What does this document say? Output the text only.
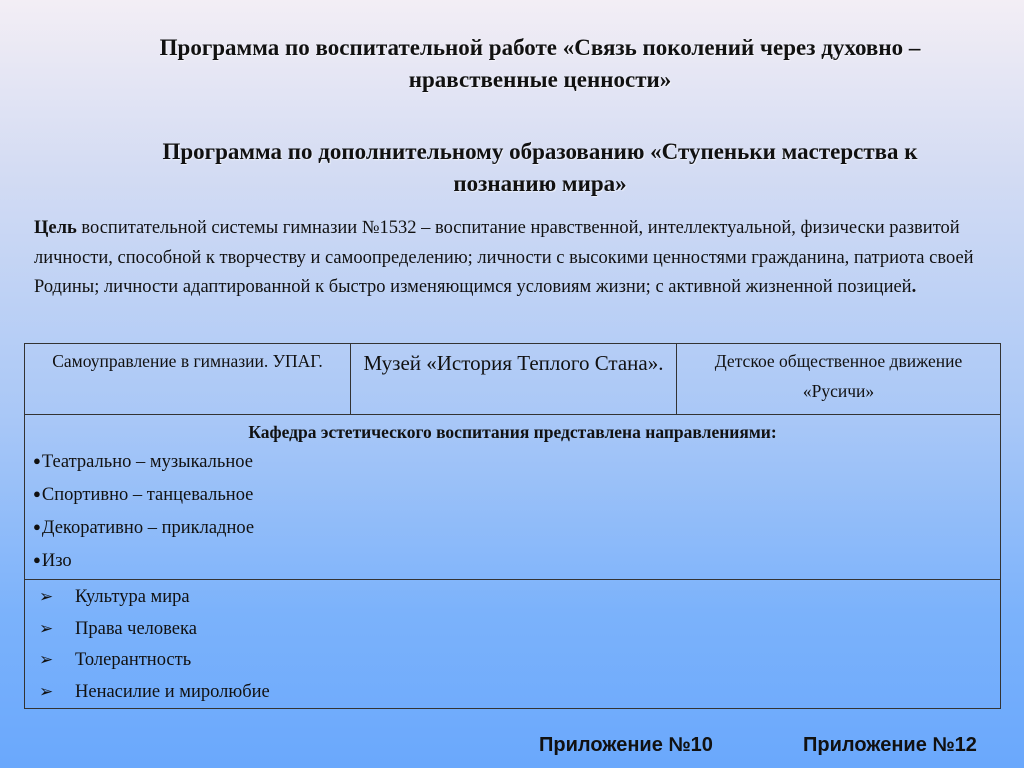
Программа по воспитательной работе «Связь поколений через духовно – нравственные ценности»
Программа по дополнительному образованию «Ступеньки мастерства к познанию мира»
Цель воспитательной системы гимназии №1532 – воспитание нравственной, интеллектуальной, физически развитой личности, способной к творчеству и самоопределению; личности с высокими ценностями гражданина, патриота своей Родины; личности адаптированной к быстро изменяющимся условиям жизни; с активной жизненной позицией.
Самоуправление в гимназии. УПАГ.	Музей «История Теплого Стана».	Детское общественное движение «Русичи»

Кафедра эстетического воспитания представлена направлениями:
●Театрально – музыкальное
●Спортивно – танцевальное
●Декоративно – прикладное
●Изо

➢ Культура мира
➢ Права человека
➢ Толерантность
➢ Ненасилие и миролюбие
Приложение №10	Приложение №12
